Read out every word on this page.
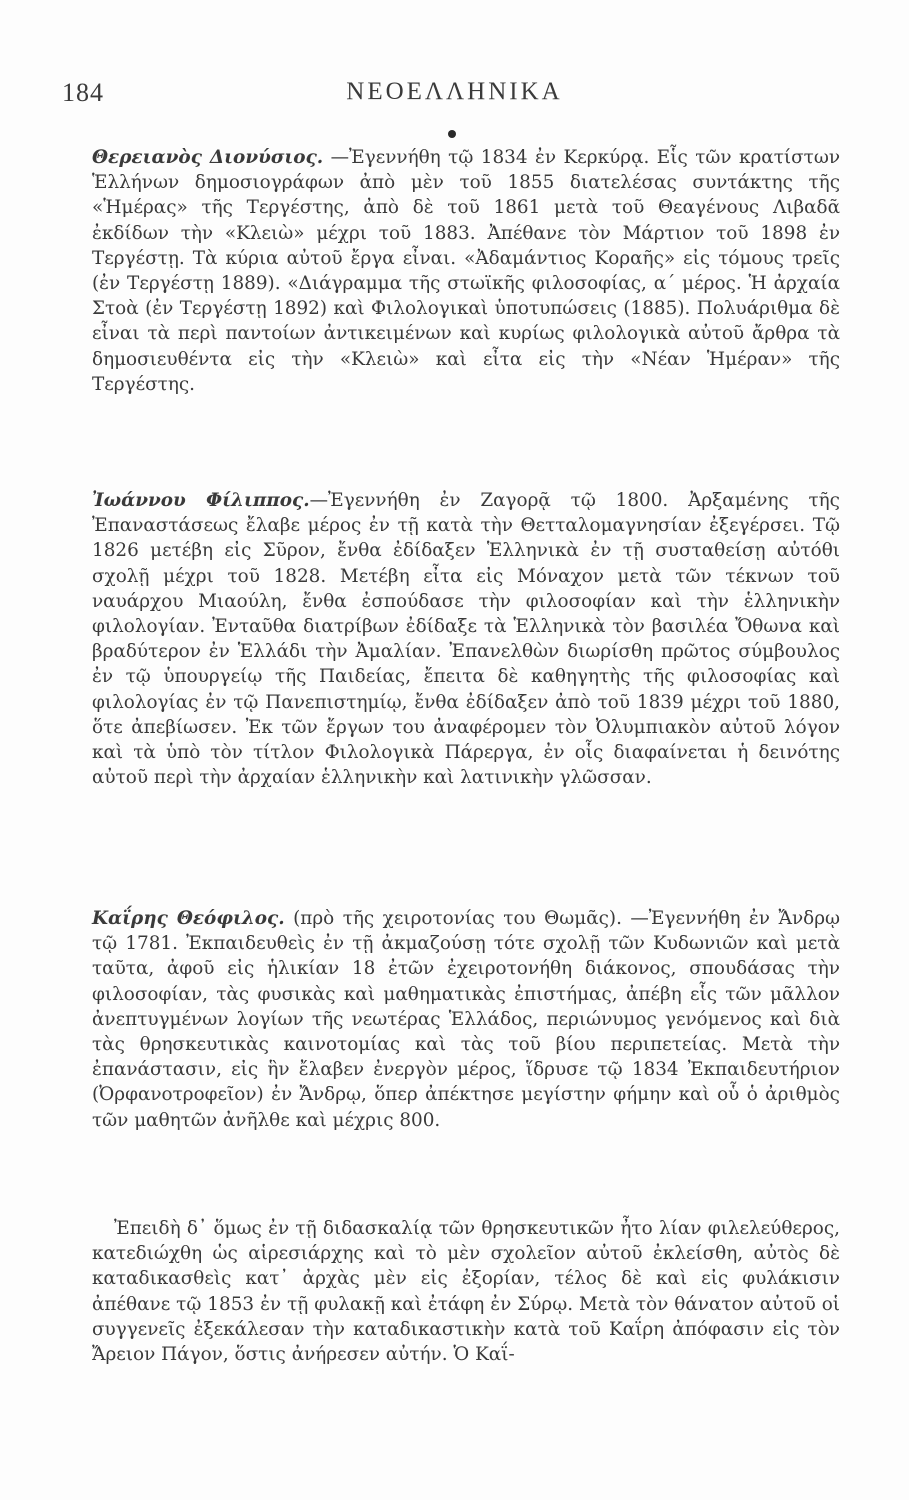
184	ΝΕΟΕΛΛΗΝΙΚΑ

Θερειανὸς Διονύσιος. —Ἐγεννήθη τῷ 1834 ἐν Κερκύρᾳ. Εἷς τῶν κρατίστων Ἑλλήνων δημοσιογράφων ἀπὸ μὲν τοῦ 1855 διατελέσας συντάκτης τῆς «Ἡμέρας» τῆς Τεργέστης, ἀπὸ δὲ τοῦ 1861 μετὰ τοῦ Θεαγένους Λιβαδᾶ ἐκδίδων τὴν «Κλειὼ» μέχρι τοῦ 1883. Ἀπέθανε τὸν Μάρτιον τοῦ 1898 ἐν Τεργέστῃ. Τὰ κύρια αὐτοῦ ἔργα εἶναι. «Ἀδαμάντιος Κοραῆς» εἰς τόμους τρεῖς (ἐν Τεργέστῃ 1889). «Διάγραμμα τῆς στωϊκῆς φιλοσοφίας, α΄ μέρος. Ἡ ἀρχαία Στοὰ (ἐν Τεργέστῃ 1892) καὶ Φιλολογικαὶ ὑποτυπώσεις (1885). Πολυάριθμα δὲ εἶναι τὰ περὶ παντοίων ἀντικειμένων καὶ κυρίως φιλολογικὰ αὐτοῦ ἄρθρα τὰ δημοσιευθέντα εἰς τὴν «Κλειὼ» καὶ εἶτα εἰς τὴν «Νέαν Ἡμέραν» τῆς Τεργέστης.

Ἰωάννου Φίλιππος.—Ἐγεννήθη ἐν Ζαγορᾷ τῷ 1800. Ἀρξαμένης τῆς Ἐπαναστάσεως ἔλαβε μέρος ἐν τῇ κατὰ τὴν Θετταλομαγνησίαν ἐξεγέρσει. Τῷ 1826 μετέβη εἰς Σῦρον, ἔνθα ἐδίδαξεν Ἑλληνικὰ ἐν τῇ συσταθείσῃ αὐτόθι σχολῇ μέχρι τοῦ 1828. Μετέβη εἶτα εἰς Μόναχον μετὰ τῶν τέκνων τοῦ ναυάρχου Μιαούλη, ἔνθα ἐσπούδασε τὴν φιλοσοφίαν καὶ τὴν ἑλληνικὴν φιλολογίαν. Ἐνταῦθα διατρίβων ἐδίδαξε τὰ Ἑλληνικὰ τὸν βασιλέα Ὄθωνα καὶ βραδύτερον ἐν Ἑλλάδι τὴν Ἀμαλίαν. Ἐπανελθὼν διωρίσθη πρῶτος σύμβουλος ἐν τῷ ὑπουργείῳ τῆς Παιδείας, ἔπειτα δὲ καθηγητὴς τῆς φιλοσοφίας καὶ φιλολογίας ἐν τῷ Πανεπιστημίῳ, ἔνθα ἐδίδαξεν ἀπὸ τοῦ 1839 μέχρι τοῦ 1880, ὅτε ἀπεβίωσεν. Ἐκ τῶν ἔργων του ἀναφέρομεν τὸν Ὀλυμπιακὸν αὐτοῦ λόγον καὶ τὰ ὑπὸ τὸν τίτλον Φιλολογικὰ Πάρεργα, ἐν οἷς διαφαίνεται ἡ δεινότης αὐτοῦ περὶ τὴν ἀρχαίαν ἑλληνικὴν καὶ λατινικὴν γλῶσσαν.

Καΐρης Θεόφιλος. (πρὸ τῆς χειροτονίας του Θωμᾶς). —Ἐγεννήθη ἐν Ἄνδρῳ τῷ 1781. Ἐκπαιδευθεὶς ἐν τῇ ἀκμαζούσῃ τότε σχολῇ τῶν Κυδωνιῶν καὶ μετὰ ταῦτα, ἀφοῦ εἰς ἡλικίαν 18 ἐτῶν ἐχειροτονήθη διάκονος, σπουδάσας τὴν φιλοσοφίαν, τὰς φυσικὰς καὶ μαθηματικὰς ἐπιστήμας, ἀπέβη εἷς τῶν μᾶλλον ἀνεπτυγμένων λογίων τῆς νεωτέρας Ἑλλάδος, περιώνυμος γενόμενος καὶ διὰ τὰς θρησκευτικὰς καινοτομίας καὶ τὰς τοῦ βίου περιπετείας. Μετὰ τὴν ἐπανάστασιν, εἰς ἣν ἔλαβεν ἐνεργὸν μέρος, ἵδρυσε τῷ 1834 Ἐκπαιδευτήριον (Ὀρφανοτροφεῖον) ἐν Ἄνδρῳ, ὅπερ ἀπέκτησε μεγίστην φήμην καὶ οὗ ὁ ἀριθμὸς τῶν μαθητῶν ἀνῆλθε καὶ μέχρις 800.

Ἐπειδὴ δ᾿ ὅμως ἐν τῇ διδασκαλίᾳ τῶν θρησκευτικῶν ἦτο λίαν φιλελεύθερος, κατεδιώχθη ὡς αἱρεσιάρχης καὶ τὸ μὲν σχολεῖον αὐτοῦ ἐκλείσθη, αὐτὸς δὲ καταδικασθεὶς κατ᾿ ἀρχὰς μὲν εἰς ἐξορίαν, τέλος δὲ καὶ εἰς φυλάκισιν ἀπέθανε τῷ 1853 ἐν τῇ φυλακῇ καὶ ἐτάφη ἐν Σύρῳ. Μετὰ τὸν θάνατον αὐτοῦ οἱ συγγενεῖς ἐξεκάλεσαν τὴν καταδικαστικὴν κατὰ τοῦ Καΐρη ἀπόφασιν εἰς τὸν Ἄρειον Πάγον, ὅστις ἀνήρεσεν αὐτήν. Ὁ Καΐ-
